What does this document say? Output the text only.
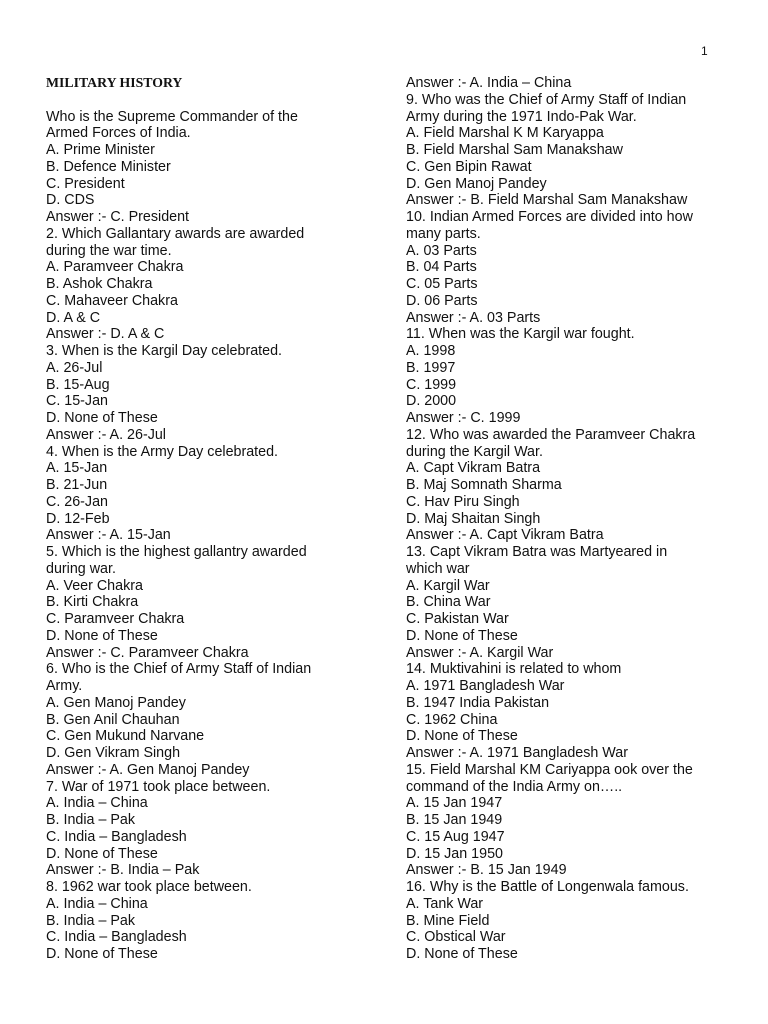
1
MILITARY HISTORY
Who is the Supreme Commander of the
Armed Forces of India.
A. Prime Minister
B. Defence Minister
C. President
D. CDS
Answer :- C. President
2. Which Gallantary awards are awarded
during the war time.
A. Paramveer Chakra
B. Ashok Chakra
C. Mahaveer Chakra
D. A & C
Answer :- D. A & C
3. When is the Kargil Day celebrated.
A. 26-Jul
B. 15-Aug
C. 15-Jan
D. None of These
Answer :- A. 26-Jul
4. When is the Army Day celebrated.
A. 15-Jan
B. 21-Jun
C. 26-Jan
D. 12-Feb
Answer :- A. 15-Jan
5. Which is the highest gallantry awarded
during war.
A. Veer Chakra
B. Kirti Chakra
C. Paramveer Chakra
D. None of These
Answer :- C. Paramveer Chakra
6. Who is the Chief of Army Staff of Indian
Army.
A. Gen Manoj Pandey
B. Gen Anil Chauhan
C. Gen Mukund Narvane
D. Gen Vikram Singh
Answer :- A. Gen Manoj Pandey
7. War of 1971 took place between.
A. India – China
B. India – Pak
C. India – Bangladesh
D. None of These
Answer :- B. India – Pak
8. 1962 war took place between.
A. India – China
B. India – Pak
C. India – Bangladesh
D. None of These
Answer :- A. India – China
9. Who was the Chief of Army Staff of Indian
Army during the 1971 Indo-Pak War.
A. Field Marshal K M Karyappa
B. Field Marshal Sam Manakshaw
C. Gen Bipin Rawat
D. Gen Manoj Pandey
Answer :- B. Field Marshal Sam Manakshaw
10. Indian Armed Forces are divided into how
many parts.
A. 03 Parts
B. 04 Parts
C. 05 Parts
D. 06 Parts
Answer :- A. 03 Parts
11. When was the Kargil war fought.
A. 1998
B. 1997
C. 1999
D. 2000
Answer :- C. 1999
12. Who was awarded the Paramveer Chakra
during the Kargil War.
A. Capt Vikram Batra
B. Maj Somnath Sharma
C. Hav Piru Singh
D. Maj Shaitan Singh
Answer :- A. Capt Vikram Batra
13. Capt Vikram Batra was Martyeared in
which war
A. Kargil War
B. China War
C. Pakistan War
D. None of These
Answer :- A. Kargil War
14. Muktivahini is related to whom
A. 1971 Bangladesh War
B. 1947 India Pakistan
C. 1962 China
D. None of These
Answer :- A. 1971 Bangladesh War
15. Field Marshal KM Cariyappa ook over the
command of the India Army on…..
A. 15 Jan 1947
B. 15 Jan 1949
C. 15 Aug 1947
D. 15 Jan 1950
Answer :- B. 15 Jan 1949
16. Why is the Battle of Longenwala famous.
A. Tank War
B. Mine Field
C. Obstical War
D. None of These
